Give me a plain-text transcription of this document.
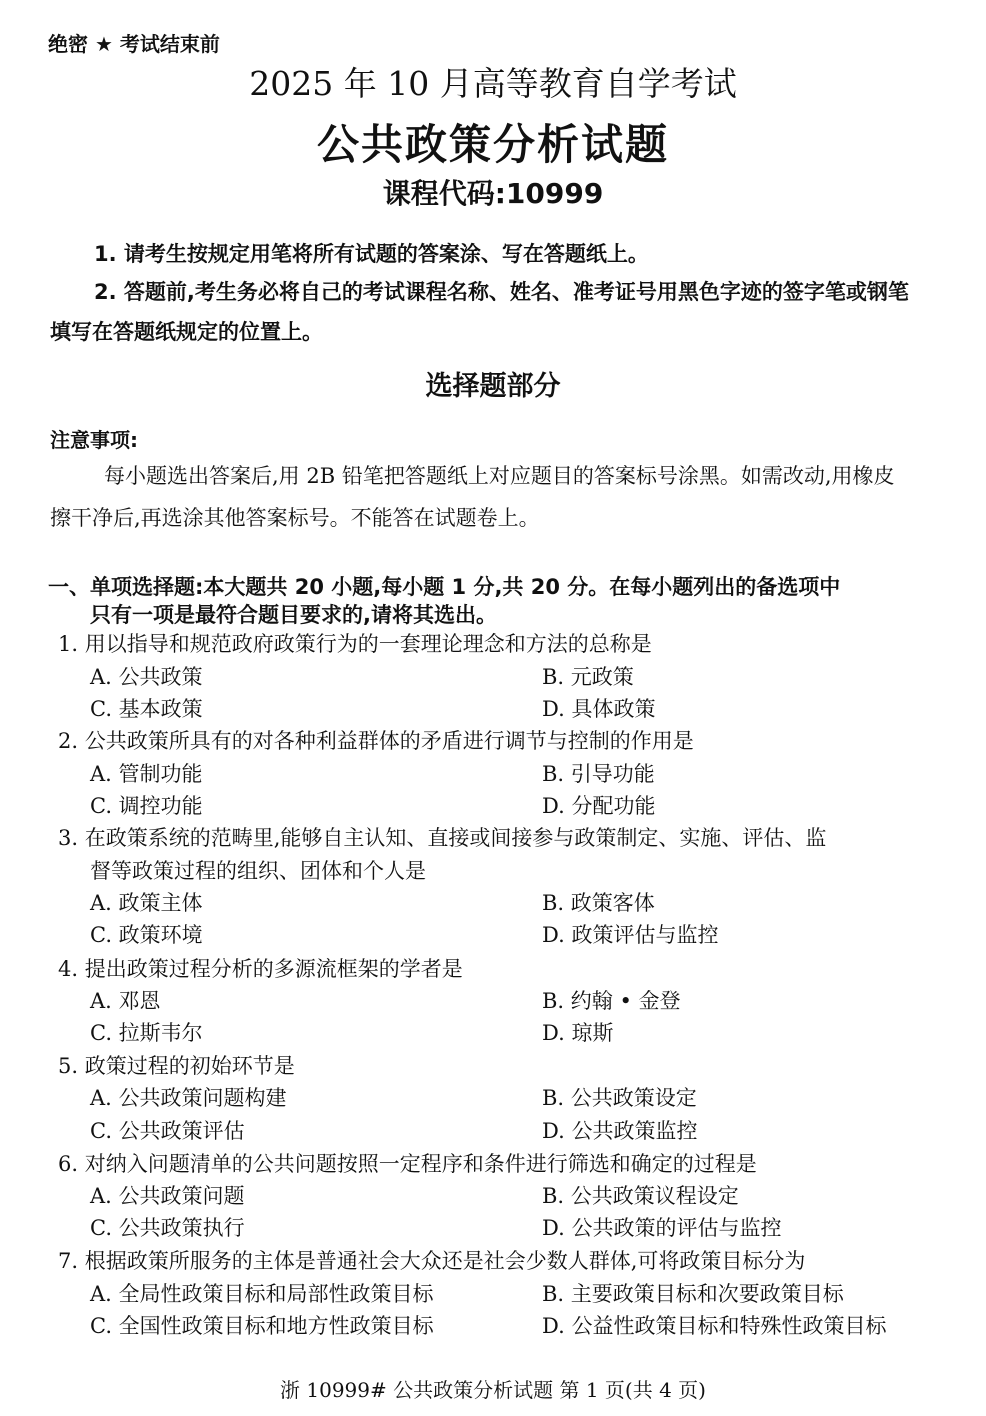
绝密 ★ 考试结束前
2025 年 10 月高等教育自学考试
公共政策分析试题
课程代码:10999
1. 请考生按规定用笔将所有试题的答案涂、写在答题纸上。
2. 答题前,考生务必将自己的考试课程名称、姓名、准考证号用黑色字迹的签字笔或钢笔
填写在答题纸规定的位置上。
选择题部分
注意事项:
每小题选出答案后,用 2B 铅笔把答题纸上对应题目的答案标号涂黑。如需改动,用橡皮
擦干净后,再选涂其他答案标号。不能答在试题卷上。
一、单项选择题:本大题共 20 小题,每小题 1 分,共 20 分。在每小题列出的备选项中
只有一项是最符合题目要求的,请将其选出。
1. 用以指导和规范政府政策行为的一套理论理念和方法的总称是
A. 公共政策	B. 元政策
C. 基本政策	D. 具体政策
2. 公共政策所具有的对各种利益群体的矛盾进行调节与控制的作用是
A. 管制功能	B. 引导功能
C. 调控功能	D. 分配功能
3. 在政策系统的范畴里,能够自主认知、直接或间接参与政策制定、实施、评估、监
督等政策过程的组织、团体和个人是
A. 政策主体	B. 政策客体
C. 政策环境	D. 政策评估与监控
4. 提出政策过程分析的多源流框架的学者是
A. 邓恩	B. 约翰 • 金登
C. 拉斯韦尔	D. 琼斯
5. 政策过程的初始环节是
A. 公共政策问题构建	B. 公共政策设定
C. 公共政策评估	D. 公共政策监控
6. 对纳入问题清单的公共问题按照一定程序和条件进行筛选和确定的过程是
A. 公共政策问题	B. 公共政策议程设定
C. 公共政策执行	D. 公共政策的评估与监控
7. 根据政策所服务的主体是普通社会大众还是社会少数人群体,可将政策目标分为
A. 全局性政策目标和局部性政策目标	B. 主要政策目标和次要政策目标
C. 全国性政策目标和地方性政策目标	D. 公益性政策目标和特殊性政策目标
浙 10999# 公共政策分析试题 第 1 页(共 4 页)
